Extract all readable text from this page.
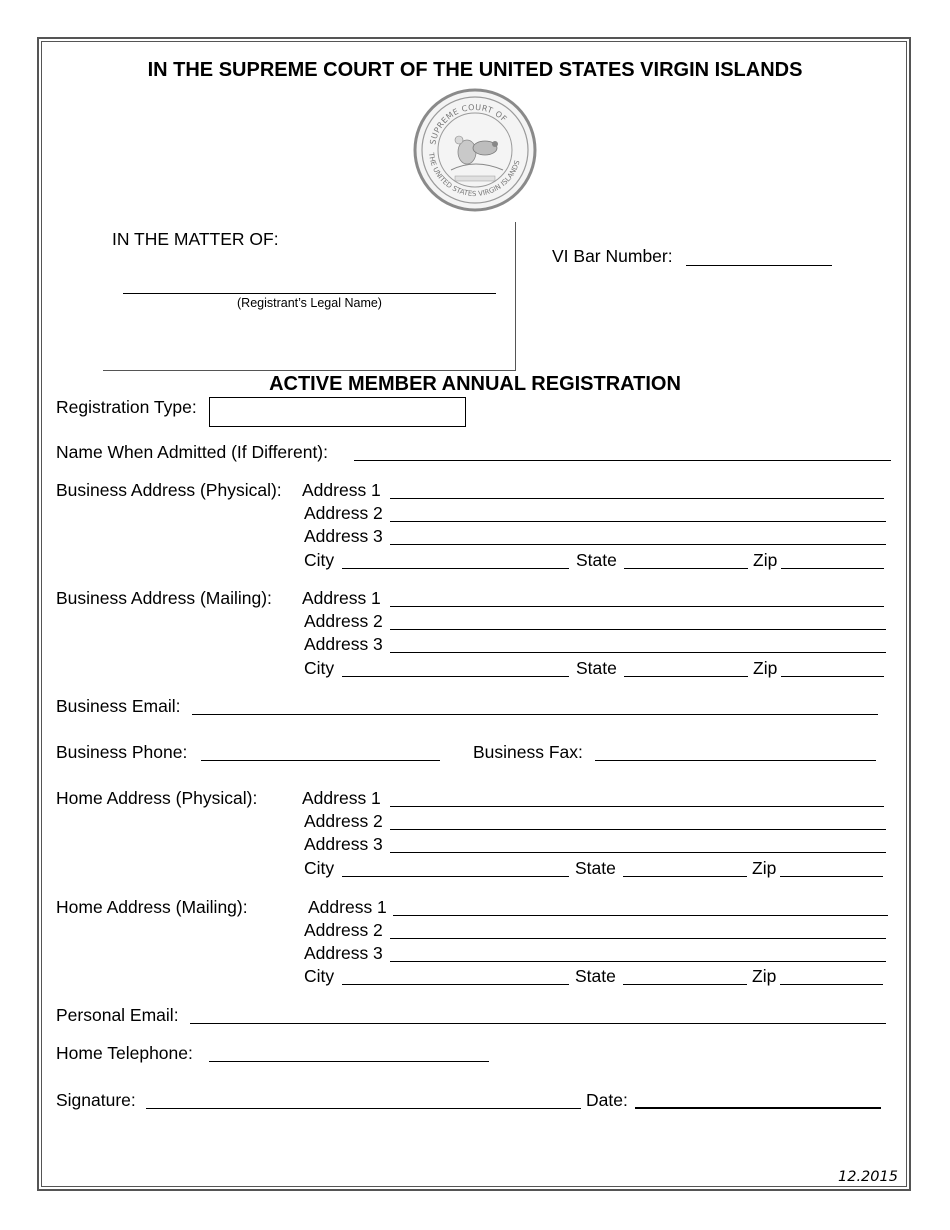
IN THE SUPREME COURT OF THE UNITED STATES VIRGIN ISLANDS
SUPREME COURT OF
THE UNITED STATES VIRGIN ISLANDS
IN THE MATTER OF:
(Registrant’s Legal Name)
VI Bar Number:
ACTIVE MEMBER ANNUAL REGISTRATION
Registration Type:
Name When Admitted (If Different):
Business Address (Physical): Address 1
Address 2
Address 3
City	State	Zip
Business Address (Mailing): Address 1
Address 2
Address 3
City	State	Zip
Business Email:
Business Phone:	Business Fax:
Home Address (Physical):	Address 1
Address 2
Address 3
City	State	Zip
Home Address (Mailing):	Address 1
Address 2
Address 3
City	State	Zip
Personal Email:
Home Telephone:
Signature:	Date:
12.2015
